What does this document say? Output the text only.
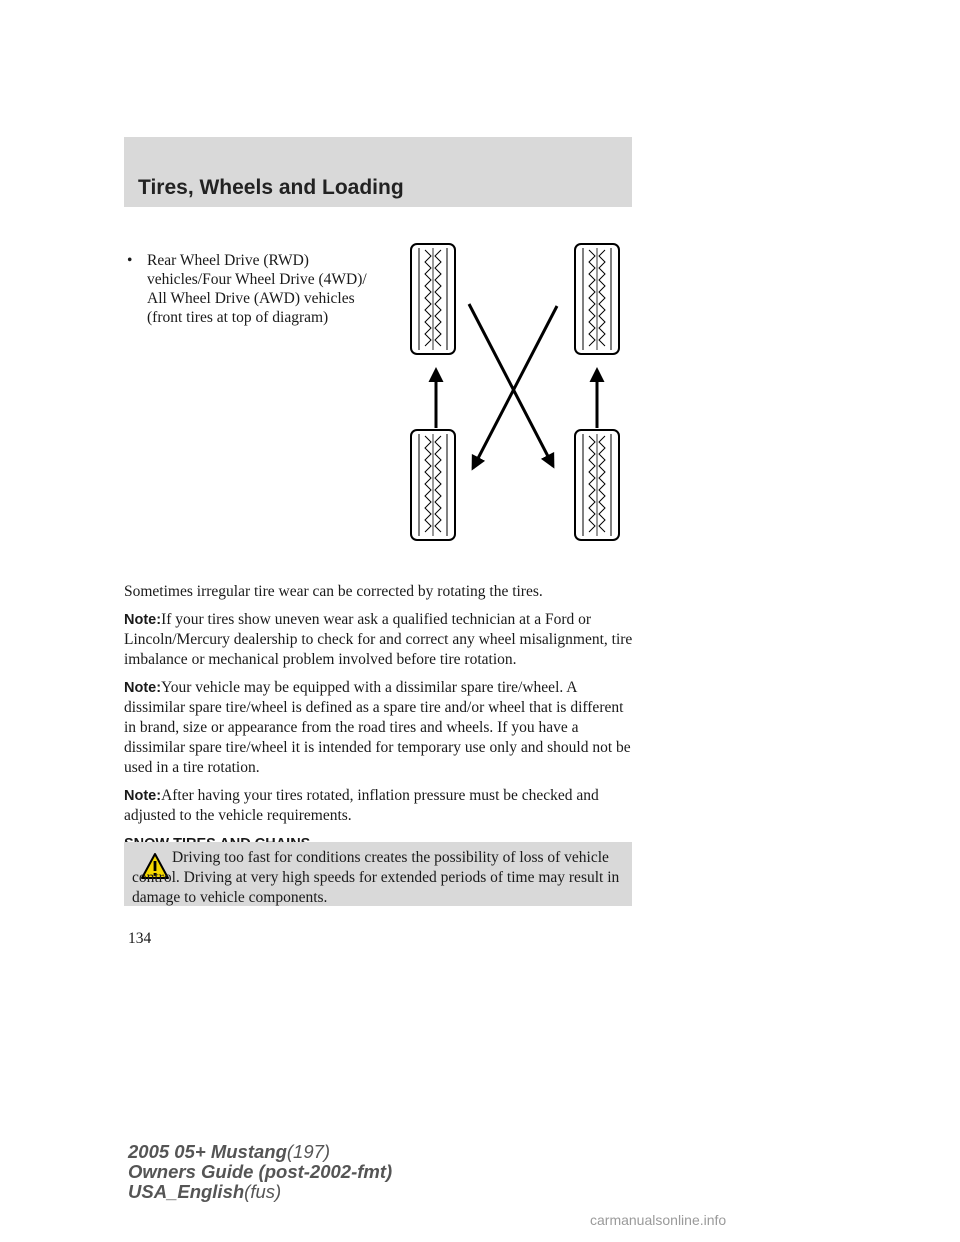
Tires, Wheels and Loading
• Rear Wheel Drive (RWD) vehicles/Four Wheel Drive (4WD)/ All Wheel Drive (AWD) vehicles (front tires at top of diagram)

Sometimes irregular tire wear can be corrected by rotating the tires.

Note:If your tires show uneven wear ask a qualified technician at a Ford or Lincoln/Mercury dealership to check for and correct any wheel misalignment, tire imbalance or mechanical problem involved before tire rotation.

Note:Your vehicle may be equipped with a dissimilar spare tire/wheel. A dissimilar spare tire/wheel is defined as a spare tire and/or wheel that is different in brand, size or appearance from the road tires and wheels. If you have a dissimilar spare tire/wheel it is intended for temporary use only and should not be used in a tire rotation.

Note:After having your tires rotated, inflation pressure must be checked and adjusted to the vehicle requirements.

Driving too fast for conditions creates the possibility of loss of vehicle control. Driving at very high speeds for extended periods of time may result in damage to vehicle components.
134
2005 05+ Mustang(197)
Owners Guide (post-2002-fmt)
USA_English(fus)
carmanualsonline.info
